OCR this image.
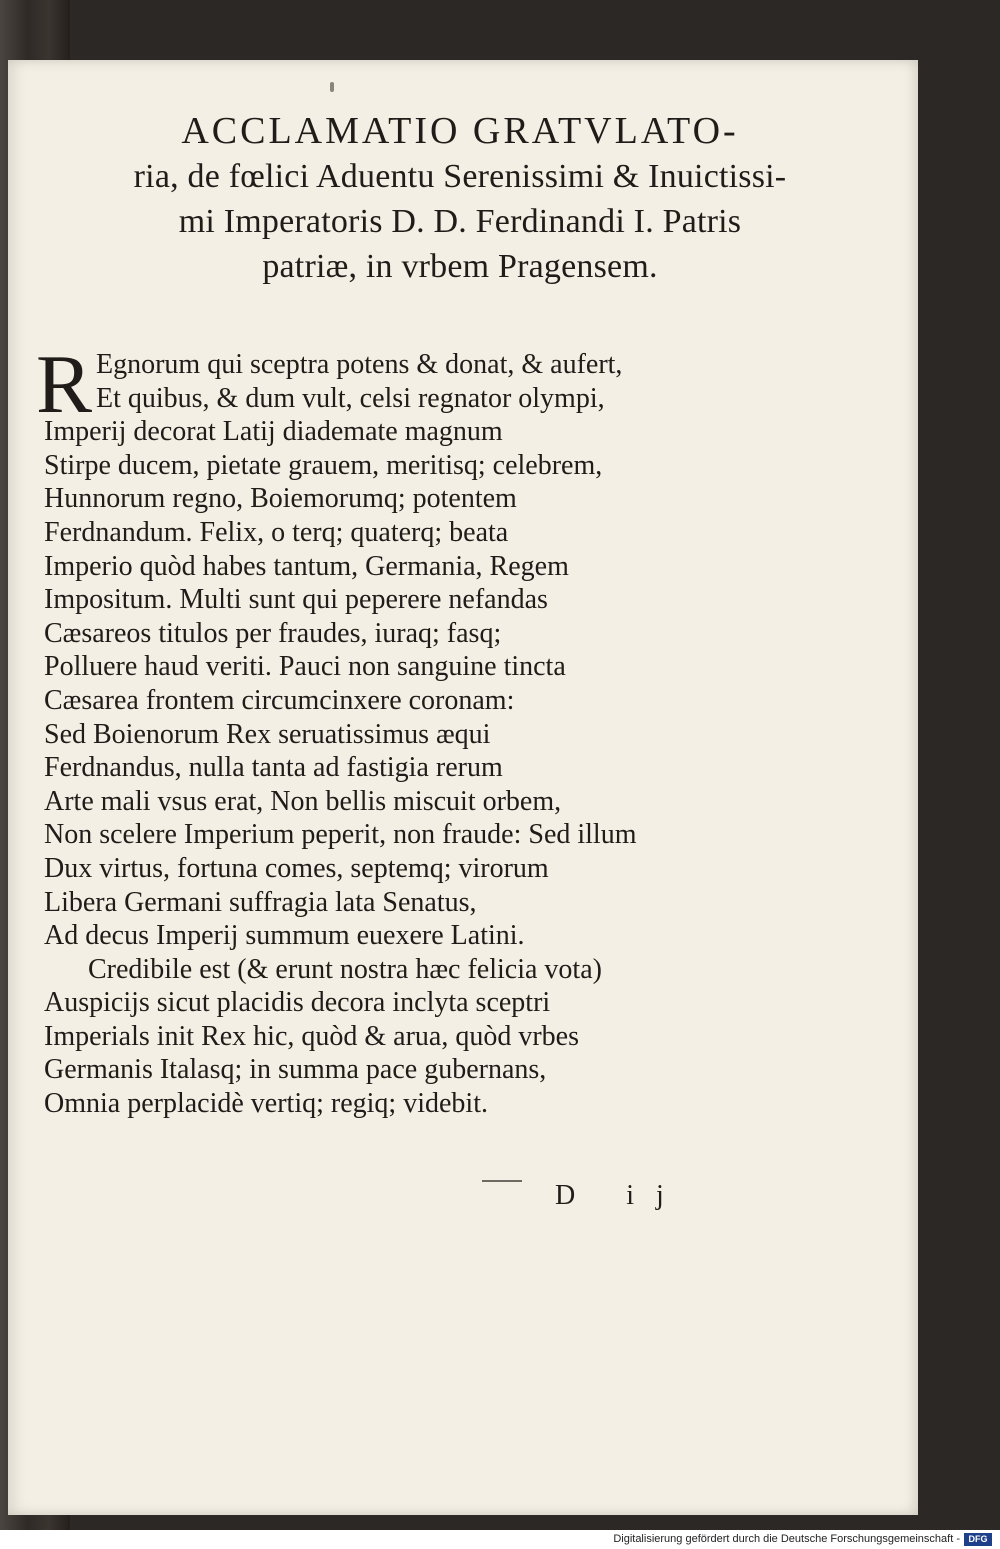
ACCLAMATIO GRATVLATO-
ria, de fœlici Aduentu Serenissimi & Inuictissi-
mi Imperatoris D. D. Ferdinandi I. Patris
patriæ, in vrbem Pragensem.
R Egnorum qui sceptra potens & donat, & aufert,
Et quibus, & dum vult, celsi regnator olympi,
Imperij decorat Latij diademate magnum
Stirpe ducem, pietate grauem, meritisq; celebrem,
Hunnorum regno, Boiemorumq; potentem
Ferdnandum. Felix, o terq; quaterq; beata
Imperio quòd habes tantum, Germania, Regem
Impositum. Multi sunt qui peperere nefandas
Cæsareos titulos per fraudes, iuraq; fasq;
Polluere haud veriti. Pauci non sanguine tincta
Cæsarea frontem circumcinxere coronam:
Sed Boienorum Rex seruatissimus æqui
Ferdnandus, nulla tanta ad fastigia rerum
Arte mali vsus erat, Non bellis miscuit orbem,
Non scelere Imperium peperit, non fraude: Sed illum
Dux virtus, fortuna comes, septemq; virorum
Libera Germani suffragia lata Senatus,
Ad decus Imperij summum euexere Latini.
Credibile est (& erunt nostra hæc felicia vota)
Auspicijs sicut placidis decora inclyta sceptri
Imperials init Rex hic, quòd & arua, quòd vrbes
Germanis Italasq; in summa pace gubernans,
Omnia perplacidè vertiq; regiq; videbit.
D ij
Digitalisierung gefördert durch die Deutsche Forschungsgemeinschaft - DFG
